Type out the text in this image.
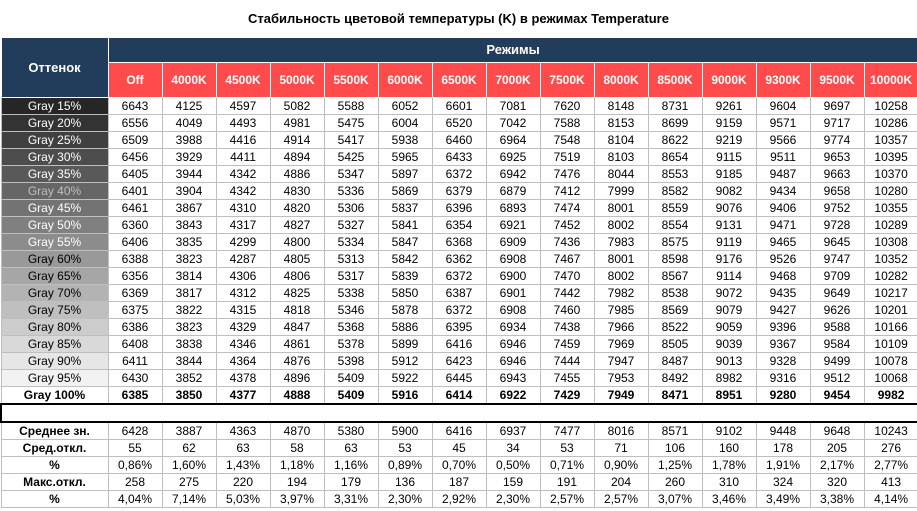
Стабильность цветовой температуры (K) в режимах Temperature
Оттенок	Режимы														
	Off	4000K	4500K	5000K	5500K	6000K	6500K	7000K	7500K	8000K	8500K	9000K	9300K	9500K	10000K
Gray 15%	6643	4125	4597	5082	5588	6052	6601	7081	7620	8148	8731	9261	9604	9697	10258
Gray 20%	6556	4049	4493	4981	5475	6004	6520	7042	7588	8153	8699	9159	9571	9717	10286
Gray 25%	6509	3988	4416	4914	5417	5938	6460	6964	7548	8104	8622	9219	9566	9774	10357
Gray 30%	6456	3929	4411	4894	5425	5965	6433	6925	7519	8103	8654	9115	9511	9653	10395
Gray 35%	6405	3944	4342	4886	5347	5897	6372	6942	7476	8044	8553	9185	9487	9663	10370
Gray 40%	6401	3904	4342	4830	5336	5869	6379	6879	7412	7999	8582	9082	9434	9658	10280
Gray 45%	6461	3867	4310	4820	5306	5837	6396	6893	7474	8001	8559	9076	9406	9752	10355
Gray 50%	6360	3843	4317	4827	5327	5841	6354	6921	7452	8002	8554	9131	9471	9728	10289
Gray 55%	6406	3835	4299	4800	5334	5847	6368	6909	7436	7983	8575	9119	9465	9645	10308
Gray 60%	6388	3823	4287	4805	5313	5842	6362	6908	7467	8001	8598	9176	9526	9747	10352
Gray 65%	6356	3814	4306	4806	5317	5839	6372	6900	7470	8002	8567	9114	9468	9709	10282
Gray 70%	6369	3817	4312	4825	5338	5850	6387	6901	7442	7982	8538	9072	9435	9649	10217
Gray 75%	6375	3822	4315	4818	5346	5878	6372	6908	7460	7985	8569	9079	9427	9626	10201
Gray 80%	6386	3823	4329	4847	5368	5886	6395	6934	7438	7966	8522	9059	9396	9588	10166
Gray 85%	6408	3838	4346	4861	5378	5899	6416	6946	7459	7969	8505	9039	9367	9584	10109
Gray 90%	6411	3844	4364	4876	5398	5912	6423	6946	7444	7947	8487	9013	9328	9499	10078
Gray 95%	6430	3852	4378	4896	5409	5922	6445	6943	7455	7953	8492	8982	9316	9512	10068
Gray 100%	6385	3850	4377	4888	5409	5916	6414	6922	7429	7949	8471	8951	9280	9454	9982

Среднее зн.	6428	3887	4363	4870	5380	5900	6416	6937	7477	8016	8571	9102	9448	9648	10243
Сред.откл.	55	62	63	58	63	53	45	34	53	71	106	160	178	205	276
%	0,86%	1,60%	1,43%	1,18%	1,16%	0,89%	0,70%	0,50%	0,71%	0,90%	1,25%	1,78%	1,91%	2,17%	2,77%
Макс.откл.	258	275	220	194	179	136	187	159	191	204	260	310	324	320	413
%	4,04%	7,14%	5,03%	3,97%	3,31%	2,30%	2,92%	2,30%	2,57%	2,57%	3,07%	3,46%	3,49%	3,38%	4,14%
